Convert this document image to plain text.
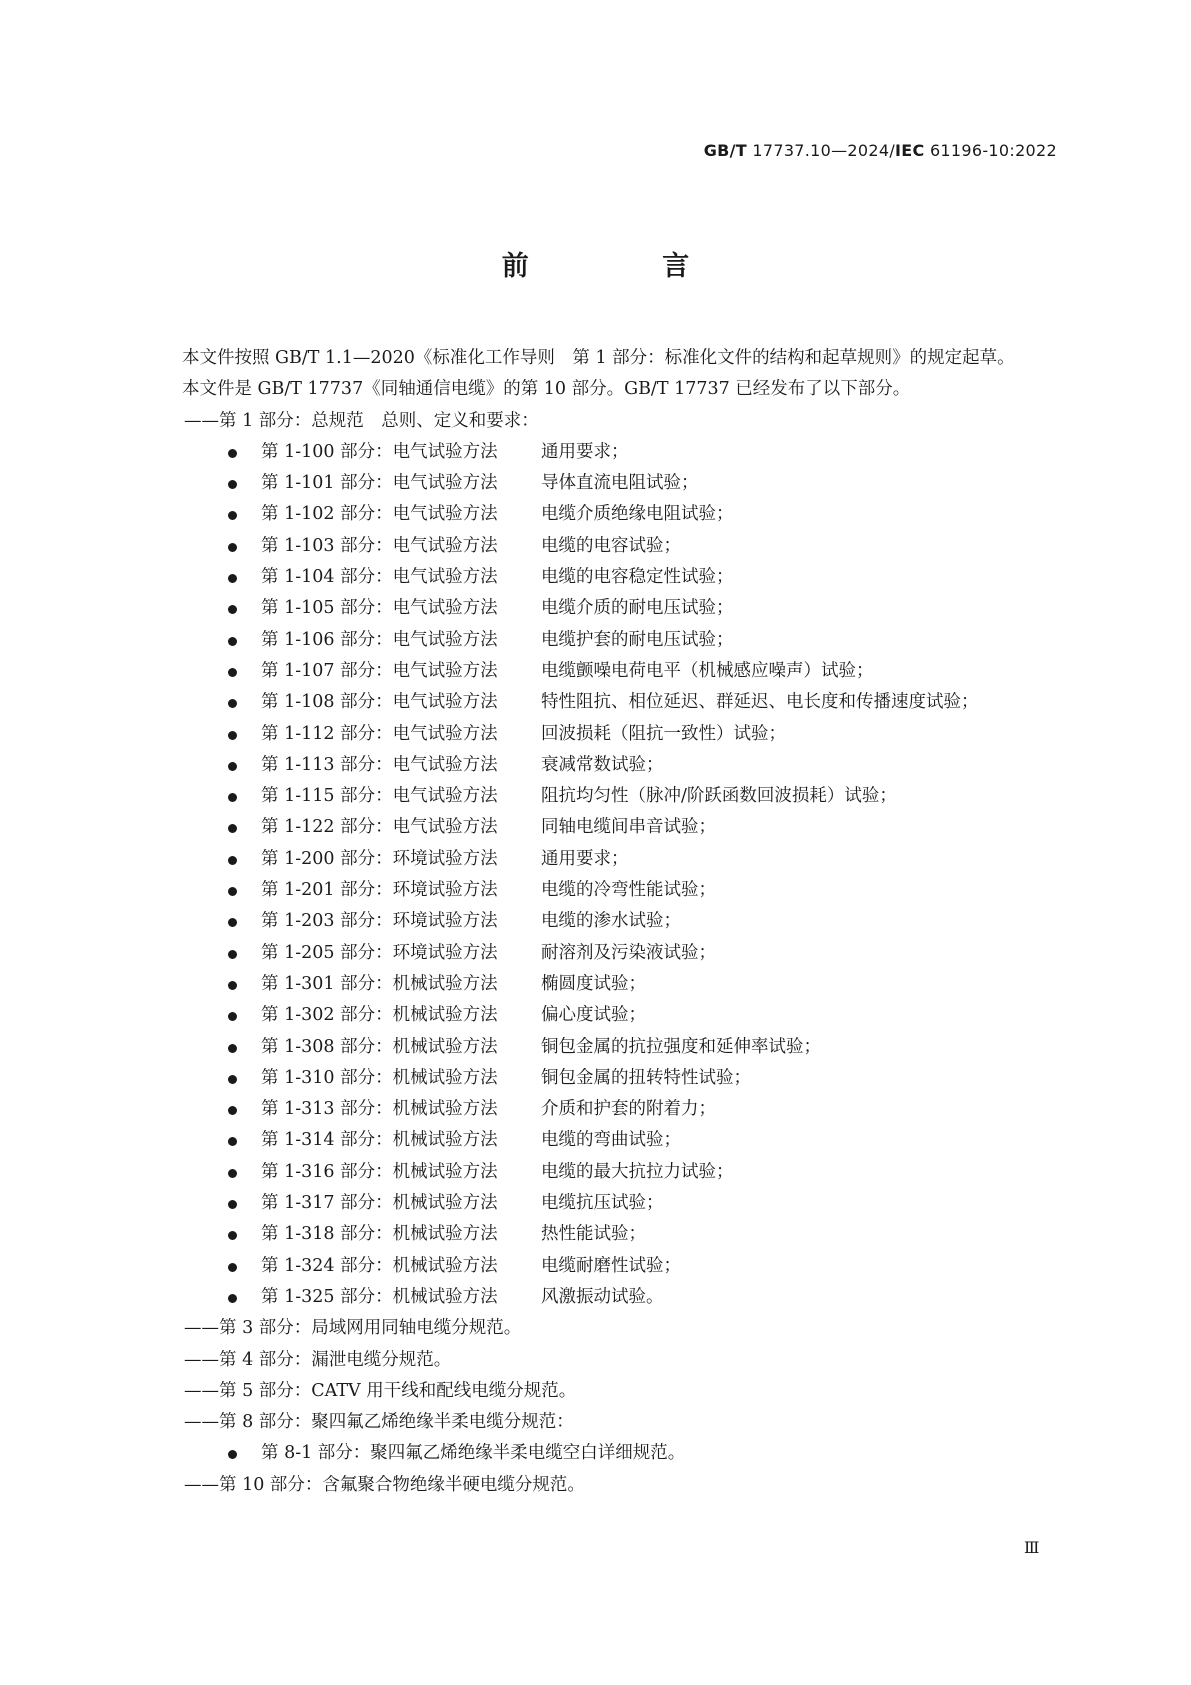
GB/T 17737.10—2024/IEC 61196-10:2022
前 言

本文件按照 GB/T 1.1—2020《标准化工作导则　第 1 部分：标准化文件的结构和起草规则》的规定起草。

本文件是 GB/T 17737《同轴通信电缆》的第 10 部分。GB/T 17737 已经发布了以下部分。

——第 1 部分：总规范　总则、定义和要求：

第 1-100 部分：电气试验方法 通用要求；
第 1-101 部分：电气试验方法 导体直流电阻试验；
第 1-102 部分：电气试验方法 电缆介质绝缘电阻试验；
第 1-103 部分：电气试验方法 电缆的电容试验；
第 1-104 部分：电气试验方法 电缆的电容稳定性试验；
第 1-105 部分：电气试验方法 电缆介质的耐电压试验；
第 1-106 部分：电气试验方法 电缆护套的耐电压试验；
第 1-107 部分：电气试验方法 电缆颤噪电荷电平（机械感应噪声）试验；
第 1-108 部分：电气试验方法 特性阻抗、相位延迟、群延迟、电长度和传播速度试验；
第 1-112 部分：电气试验方法 回波损耗（阻抗一致性）试验；
第 1-113 部分：电气试验方法 衰减常数试验；
第 1-115 部分：电气试验方法 阻抗均匀性（脉冲/阶跃函数回波损耗）试验；
第 1-122 部分：电气试验方法 同轴电缆间串音试验；
第 1-200 部分：环境试验方法 通用要求；
第 1-201 部分：环境试验方法 电缆的冷弯性能试验；
第 1-203 部分：环境试验方法 电缆的渗水试验；
第 1-205 部分：环境试验方法 耐溶剂及污染液试验；
第 1-301 部分：机械试验方法 椭圆度试验；
第 1-302 部分：机械试验方法 偏心度试验；
第 1-308 部分：机械试验方法 铜包金属的抗拉强度和延伸率试验；
第 1-310 部分：机械试验方法 铜包金属的扭转特性试验；
第 1-313 部分：机械试验方法 介质和护套的附着力；
第 1-314 部分：机械试验方法 电缆的弯曲试验；
第 1-316 部分：机械试验方法 电缆的最大抗拉力试验；
第 1-317 部分：机械试验方法 电缆抗压试验；
第 1-318 部分：机械试验方法 热性能试验；
第 1-324 部分：机械试验方法 电缆耐磨性试验；
第 1-325 部分：机械试验方法 风激振动试验。

——第 3 部分：局域网用同轴电缆分规范。

——第 4 部分：漏泄电缆分规范。

——第 5 部分：CATV 用干线和配线电缆分规范。

——第 8 部分：聚四氟乙烯绝缘半柔电缆分规范：

第 8-1 部分：聚四氟乙烯绝缘半柔电缆空白详细规范。

——第 10 部分：含氟聚合物绝缘半硬电缆分规范。

Ⅲ
